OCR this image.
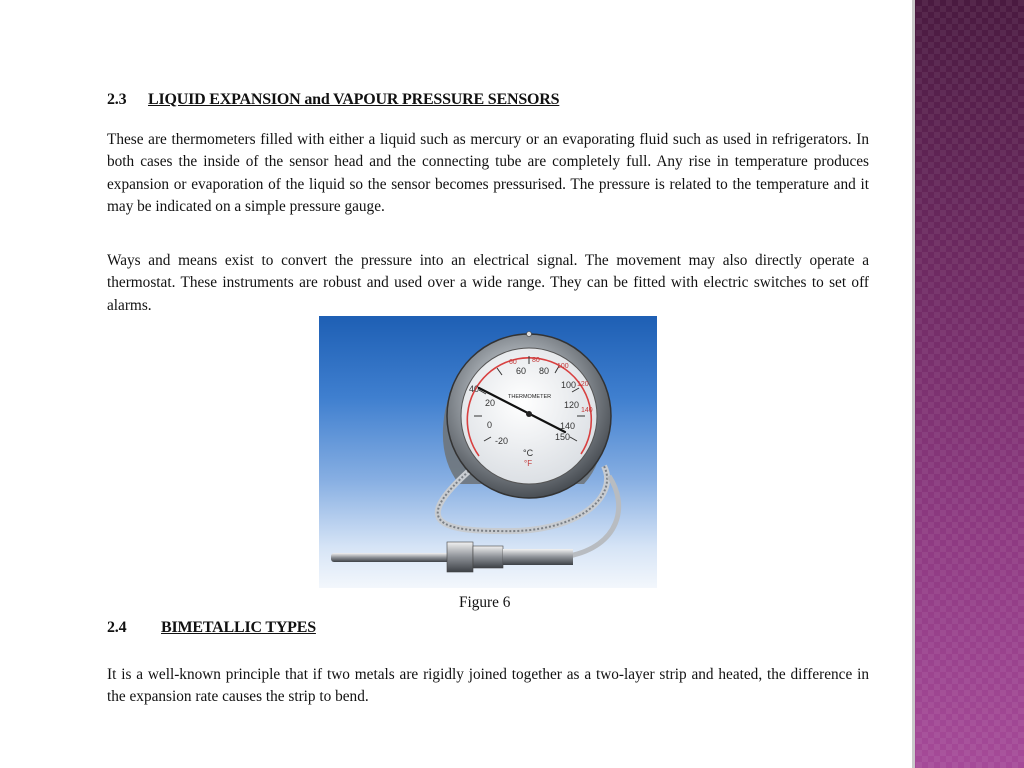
2.3 LIQUID EXPANSION and VAPOUR PRESSURE SENSORS

These are thermometers filled with either a liquid such as mercury or an evaporating fluid such as used in refrigerators. In both cases the inside of the sensor head and the connecting tube are completely full. Any rise in temperature produces expansion or evaporation of the liquid so the sensor becomes pressurised. The pressure is related to the temperature and it may be indicated on a simple pressure gauge.

Ways and means exist to convert the pressure into an electrical signal. The movement may also directly operate a thermostat. These instruments are robust and used over a wide range. They can be fitted with electric switches to set off alarms.

40
60 80
100
20	120
0	140
-20	150
60 80
100
120
140
THERMOMETER
°C
°F
Figure 6
2.4 BIMETALLIC TYPES

It is a well-known principle that if two metals are rigidly joined together as a two-layer strip and heated, the difference in the expansion rate causes the strip to bend.
